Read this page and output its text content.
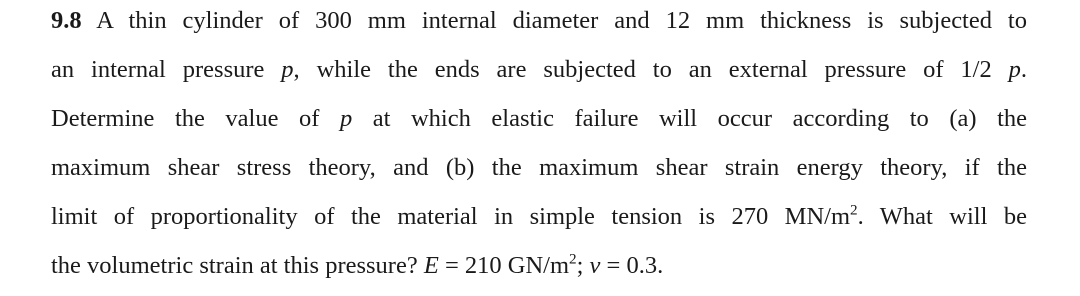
9.8 A thin cylinder of 300 mm internal diameter and 12 mm thickness is subjected to
an internal pressure p, while the ends are subjected to an external pressure of 1/2 p.
Determine the value of p at which elastic failure will occur according to (a) the
maximum shear stress theory, and (b) the maximum shear strain energy theory, if the
limit of proportionality of the material in simple tension is 270 $MN/m^2$. What will be
the volumetric strain at this pressure? E = 210 $GN/m^2$; ν = 0.3.
